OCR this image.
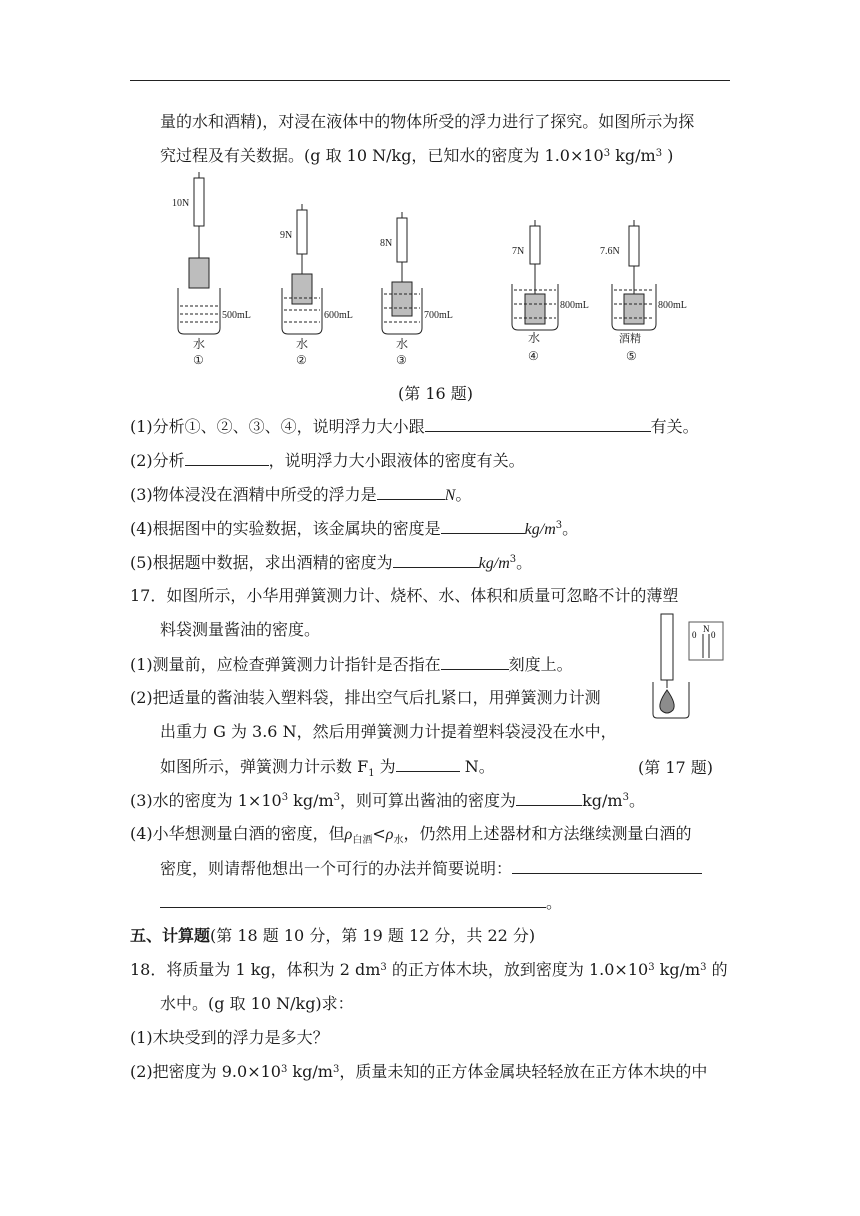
量的水和酒精)，对浸在液体中的物体所受的浮力进行了探究。如图所示为探
究过程及有关数据。(g 取 10 N/kg，已知水的密度为 $1.0\times 10^3$ $kg/m^3$ )
10N
500mL
水
①
9N
600mL
水
②
8N
700mL
水
③
7N
800mL
水
④
7.6N
800mL
酒精
⑤
(第 16 题)
(1)分析①、②、③、④，说明浮力大小跟	有关。
(2)分析	，说明浮力大小跟液体的密度有关。
(3)物体浸没在酒精中所受的浮力是	N。
(4)根据图中的实验数据，该金属块的密度是	$kg/m^3$。
(5)根据题中数据，求出酒精的密度为	$kg/m^3$。
17．如图所示，小华用弹簧测力计、烧杯、水、体积和质量可忽略不计的薄塑
料袋测量酱油的密度。
(1)测量前，应检查弹簧测力计指针是否指在	刻度上。
(2)把适量的酱油装入塑料袋，排出空气后扎紧口，用弹簧测力计测
出重力 G 为 3.6 N，然后用弹簧测力计提着塑料袋浸没在水中，
如图所示，弹簧测力计示数 $F_1$ 为	N。
0
N
0
(第 17 题)
(3)水的密度为 $1\times 10^3$ $kg/m^3$，则可算出酱油的密度为	$kg/m^3$。
(4)小华想测量白酒的密度，但$\rho_{白酒}<\rho_水$，仍然用上述器材和方法继续测量白酒的
密度，则请帮他想出一个可行的办法并简要说明：
。
五、计算题(第 18 题 10 分，第 19 题 12 分，共 22 分)
18．将质量为 1 kg，体积为 2 $dm^3$ 的正方体木块，放到密度为 $1.0\times 10^3$ $kg/m^3$ 的
水中。(g 取 10 N/kg)求：
(1)木块受到的浮力是多大？
(2)把密度为 $9.0\times 10^3$ $kg/m^3$，质量未知的正方体金属块轻轻放在正方体木块的中
